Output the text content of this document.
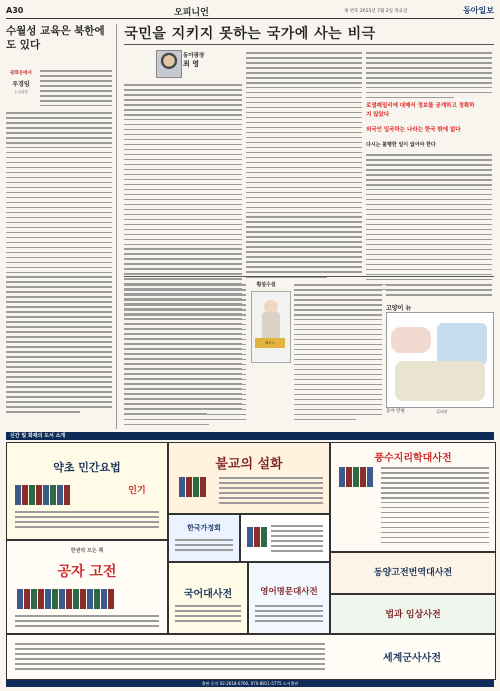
A30	오피니언	제 번호 2015년 7월 2일 목요일	동아일보
수월성 교육은 북한에도 있다
광화문에서
우경임
논설위원
국민을 지키지 못하는 국가에 사는 비극
동아광장
최 영

로열패밀리에 대해서 정보를 공개하고 정확하지 않았다

외국인 입국하는 나라는 한국 밖에 없다

다시는 불행한 일이 없어야 한다

횡설수설
메르스
고양이 뉴
동아 만평	김태권
신간 및 화제의 도서 소개
약초 민간요법
인기
불교의 설화	풍수지리학대사전
한권씩 모든 책
공자 고전
한국가정회
국어대사전	영어명문대사전
동양고전번역대사전
법과 임상사전
세계군사사전
출판 문의 02-2618-0700, 070-8811-5775 도서출판
